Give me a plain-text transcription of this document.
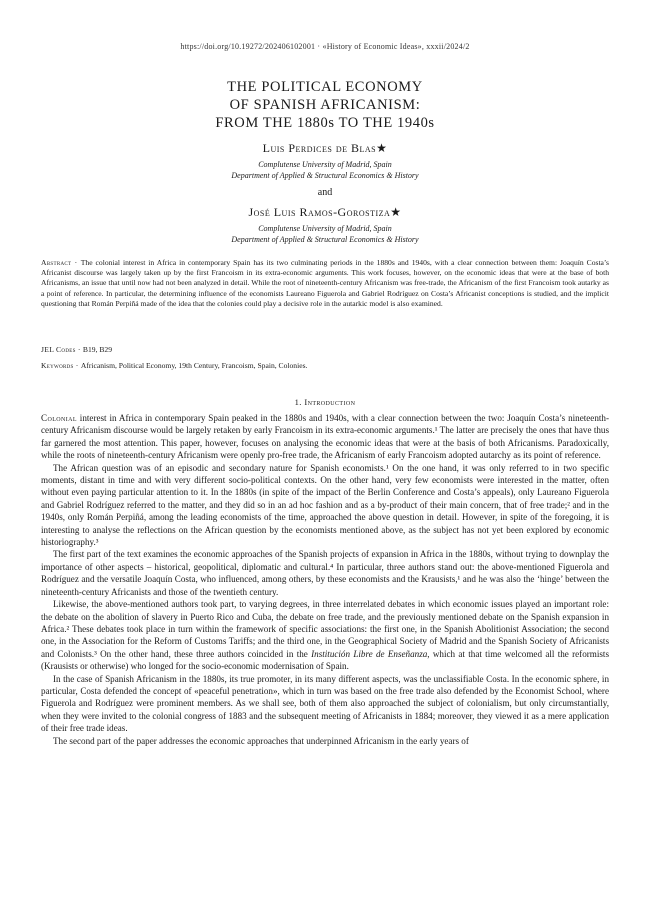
https://doi.org/10.19272/202406102001 · «History of Economic Ideas», xxxii/2024/2
THE POLITICAL ECONOMY
OF SPANISH AFRICANISM:
FROM THE 1880s TO THE 1940s
Luis Perdices de Blas★
Complutense University of Madrid, Spain
Department of Applied & Structural Economics & History
and
José Luis Ramos-Gorostiza★
Complutense University of Madrid, Spain
Department of Applied & Structural Economics & History
Abstract · The colonial interest in Africa in contemporary Spain has its two culminating periods in the 1880s and 1940s, with a clear connection between them: Joaquín Costa’s Africanist discourse was largely taken up by the first Francoism in its extra-economic arguments. This work focuses, however, on the economic ideas that were at the base of both Africanisms, an issue that until now had not been analyzed in detail. While the root of nineteenth-century Africanism was free-trade, the Africanism of the first Francoism took autarky as a point of reference. In particular, the determining influence of the economists Laureano Figuerola and Gabriel Rodríguez on Costa’s Africanist conceptions is studied, and the implicit questioning that Román Perpiñá made of the idea that the colonies could play a decisive role in the autarkic model is also examined.
JEL Codes · B19, B29
Keywords · Africanism, Political Economy, 19th Century, Francoism, Spain, Colonies.
1. Introduction

Colonial interest in Africa in contemporary Spain peaked in the 1880s and 1940s, with a clear connection between the two: Joaquín Costa’s nineteenth-century Africanism discourse would be largely retaken by early Francoism in its extra-economic arguments.¹ The latter are precisely the ones that have thus far garnered the most attention. This paper, however, focuses on analysing the economic ideas that were at the basis of both Africanisms. Paradoxically, while the roots of nineteenth-century Africanism were openly pro-free trade, the Africanism of early Francoism adopted autarchy as its point of reference.

The African question was of an episodic and secondary nature for Spanish economists.¹ On the one hand, it was only referred to in two specific moments, distant in time and with very different socio-political contexts. On the other hand, very few economists were interested in the matter, often without even paying particular attention to it. In the 1880s (in spite of the impact of the Berlin Conference and Costa’s appeals), only Laureano Figuerola and Gabriel Rodríguez referred to the matter, and they did so in an ad hoc fashion and as a by-product of their main concern, that of free trade;² and in the 1940s, only Román Perpiñá, among the leading economists of the time, approached the above question in detail. However, in spite of the foregoing, it is interesting to analyse the reflections on the African question by the economists mentioned above, as the subject has not yet been explored by economic historiography.³

The first part of the text examines the economic approaches of the Spanish projects of expansion in Africa in the 1880s, without trying to downplay the importance of other aspects – historical, geopolitical, diplomatic and cultural.⁴ In particular, three authors stand out: the above-mentioned Figuerola and Rodríguez and the versatile Joaquín Costa, who influenced, among others, by these economists and the Krausists,¹ and he was also the ‘hinge’ between the nineteenth-century Africanists and those of the twentieth century.

Likewise, the above-mentioned authors took part, to varying degrees, in three interrelated debates in which economic issues played an important role: the debate on the abolition of slavery in Puerto Rico and Cuba, the debate on free trade, and the previously mentioned debate on the Spanish expansion in Africa.² These debates took place in turn within the framework of specific associations: the first one, in the Spanish Abolitionist Association; the second one, in the Association for the Reform of Customs Tariffs; and the third one, in the Geographical Society of Madrid and the Spanish Society of Africanists and Colonists.³ On the other hand, these three authors coincided in the Institución Libre de Enseñanza, which at that time welcomed all the reformists (Krausists or otherwise) who longed for the socio-economic modernisation of Spain.

In the case of Spanish Africanism in the 1880s, its true promoter, in its many different aspects, was the unclassifiable Costa. In the economic sphere, in particular, Costa defended the concept of «peaceful penetration», which in turn was based on the free trade also defended by the Economist School, where Figuerola and Rodríguez were prominent members. As we shall see, both of them also approached the subject of colonialism, but only circumstantially, when they were invited to the colonial congress of 1883 and the subsequent meeting of Africanists in 1884; moreover, they viewed it as a mere application of their free trade ideas.

The second part of the paper addresses the economic approaches that underpinned Africanism in the early years of
